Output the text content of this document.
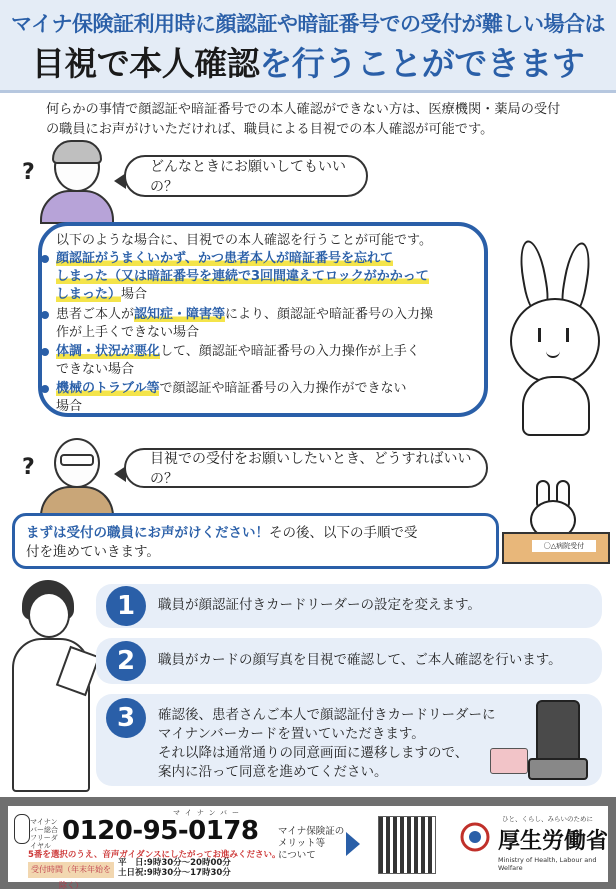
マイナ保険証利用時に顔認証や暗証番号での受付が難しい場合は
目視で本人確認を行うことができます
何らかの事情で顔認証や暗証番号での本人確認ができない方は、医療機関・薬局の受付
の職員にお声がけいただければ、職員による目視での本人確認が可能です。
?	どんなときにお願いしてもいいの？
以下のような場合に、目視での本人確認を行うことが可能です。
顔認証がうまくいかず、かつ患者本人が暗証番号を忘れて
しまった（又は暗証番号を連続で3回間違えてロックがかかって
しまった）場合
患者ご本人が認知症・障害等により、顔認証や暗証番号の入力操
作が上手くできない場合
体調・状況が悪化して、顔認証や暗証番号の入力操作が上手く
できない場合
機械のトラブル等で顔認証や暗証番号の入力操作ができない
場合
?	目視での受付をお願いしたいとき、どうすればいいの？
〇△病院受付
まずは受付の職員にお声がけください！その後、以下の手順で受
付を進めていきます。
1	職員が顔認証付きカードリーダーの設定を変えます。
2	職員がカードの顔写真を目視で確認して、ご本人確認を行います。
3	確認後、患者さんご本人で顔認証付きカードリーダーに
マイナンバーカードを置いていただきます。
それ以降は通常通りの同意画面に遷移しますので、
案内に沿って同意を進めてください。
マイナンバー総合フリーダイヤル
マイナンバー
0120-95-0178
5番を選択のうえ、音声ガイダンスにしたがってお進みください。
受付時間（年末年始を除く）
平　日:9時30分～20時00分
土日祝:9時30分～17時30分
マイナ保険証の
メリット等
について
ひと、くらし、みらいのために
厚生労働省
Ministry of Health, Labour and Welfare
